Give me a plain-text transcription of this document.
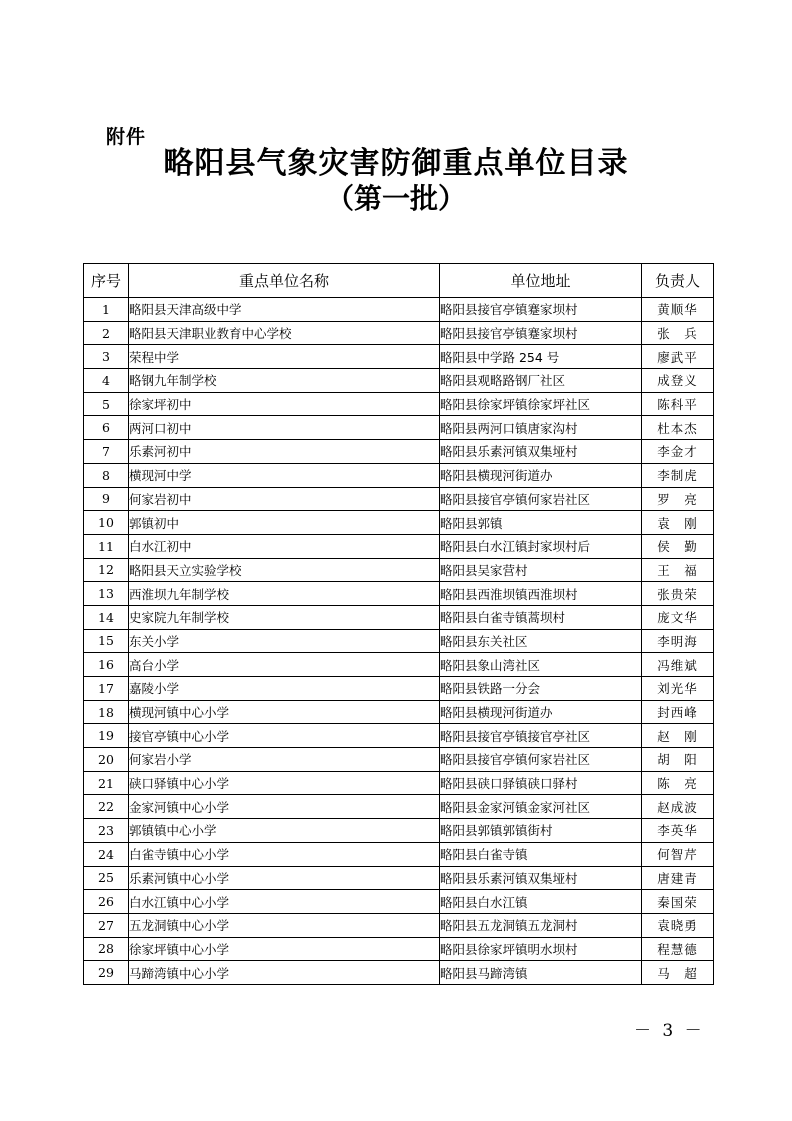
附件
略阳县气象灾害防御重点单位目录
（第一批）
序号	重点单位名称	单位地址	负责人
1	略阳县天津高级中学	略阳县接官亭镇蹇家坝村	黄顺华
2	略阳县天津职业教育中心学校	略阳县接官亭镇蹇家坝村	张　兵
3	荣程中学	略阳县中学路 254 号	廖武平
4	略钢九年制学校	略阳县观略路钢厂社区	成登义
5	徐家坪初中	略阳县徐家坪镇徐家坪社区	陈科平
6	两河口初中	略阳县两河口镇唐家沟村	杜本杰
7	乐素河初中	略阳县乐素河镇双集垭村	李金才
8	横现河中学	略阳县横现河街道办	李制虎
9	何家岩初中	略阳县接官亭镇何家岩社区	罗　亮
10	郭镇初中	略阳县郭镇	袁　刚
11	白水江初中	略阳县白水江镇封家坝村后	侯　勤
12	略阳县天立实验学校	略阳县吴家营村	王　福
13	西淮坝九年制学校	略阳县西淮坝镇西淮坝村	张贵荣
14	史家院九年制学校	略阳县白雀寺镇蒿坝村	庞文华
15	东关小学	略阳县东关社区	李明海
16	高台小学	略阳县象山湾社区	冯维斌
17	嘉陵小学	略阳县铁路一分会	刘光华
18	横现河镇中心小学	略阳县横现河街道办	封西峰
19	接官亭镇中心小学	略阳县接官亭镇接官亭社区	赵　刚
20	何家岩小学	略阳县接官亭镇何家岩社区	胡　阳
21	硖口驿镇中心小学	略阳县硖口驿镇硖口驿村	陈　亮
22	金家河镇中心小学	略阳县金家河镇金家河社区	赵成波
23	郭镇镇中心小学	略阳县郭镇郭镇街村	李英华
24	白雀寺镇中心小学	略阳县白雀寺镇	何智芹
25	乐素河镇中心小学	略阳县乐素河镇双集垭村	唐建青
26	白水江镇中心小学	略阳县白水江镇	秦国荣
27	五龙洞镇中心小学	略阳县五龙洞镇五龙洞村	袁晓勇
28	徐家坪镇中心小学	略阳县徐家坪镇明水坝村	程慧德
29	马蹄湾镇中心小学	略阳县马蹄湾镇	马　超
－ 3 －
